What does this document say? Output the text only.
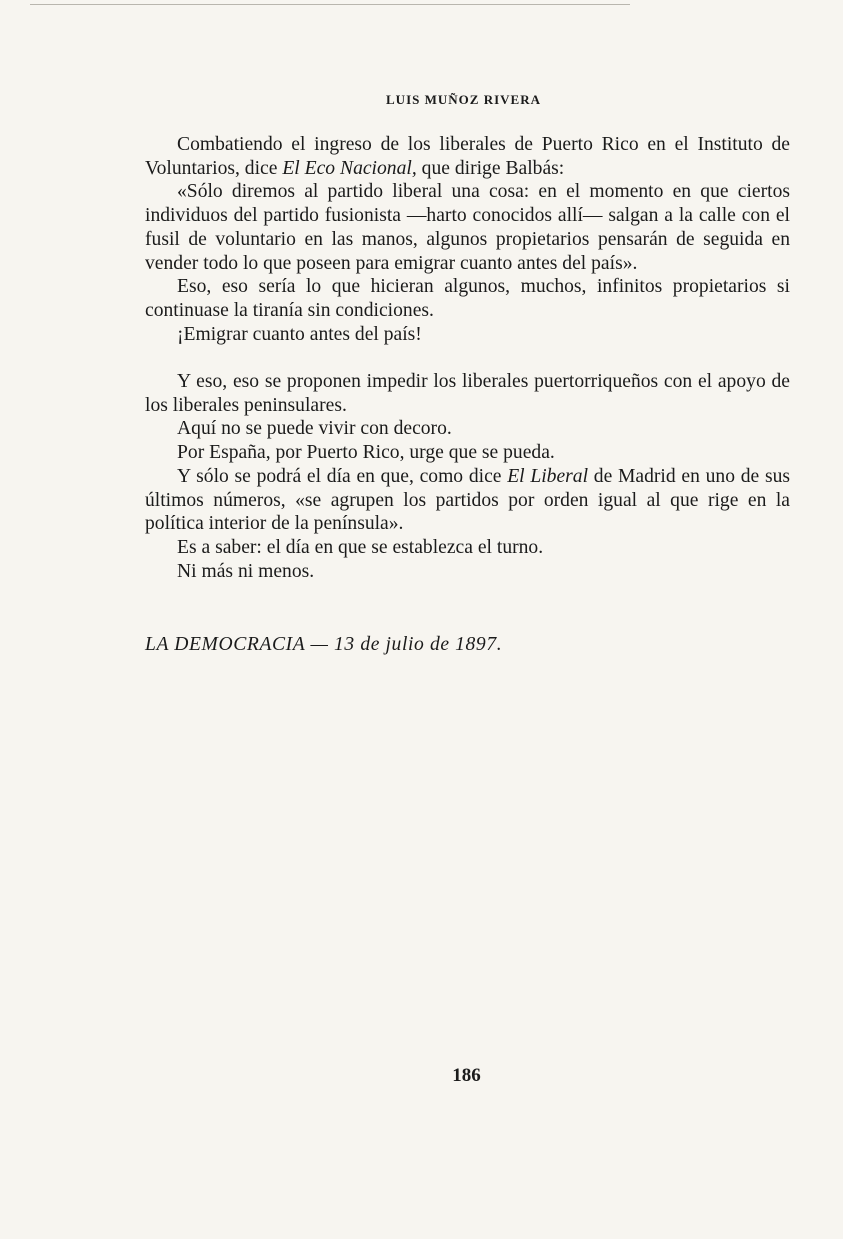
LUIS MUÑOZ RIVERA

Combatiendo el ingreso de los liberales de Puerto Rico en el Instituto de Voluntarios, dice El Eco Nacional, que dirige Balbás:

«Sólo diremos al partido liberal una cosa: en el momento en que ciertos individuos del partido fusionista —harto conocidos allí— salgan a la calle con el fusil de voluntario en las manos, algunos propietarios pensarán de seguida en vender todo lo que poseen para emigrar cuanto antes del país».

Eso, eso sería lo que hicieran algunos, muchos, infinitos propietarios si continuase la tiranía sin condiciones.

¡Emigrar cuanto antes del país!

Y eso, eso se proponen impedir los liberales puertorriqueños con el apoyo de los liberales peninsulares.

Aquí no se puede vivir con decoro.

Por España, por Puerto Rico, urge que se pueda.

Y sólo se podrá el día en que, como dice El Liberal de Madrid en uno de sus últimos números, «se agrupen los partidos por orden igual al que rige en la política interior de la península».

Es a saber: el día en que se establezca el turno.

Ni más ni menos.

LA DEMOCRACIA — 13 de julio de 1897.
186
